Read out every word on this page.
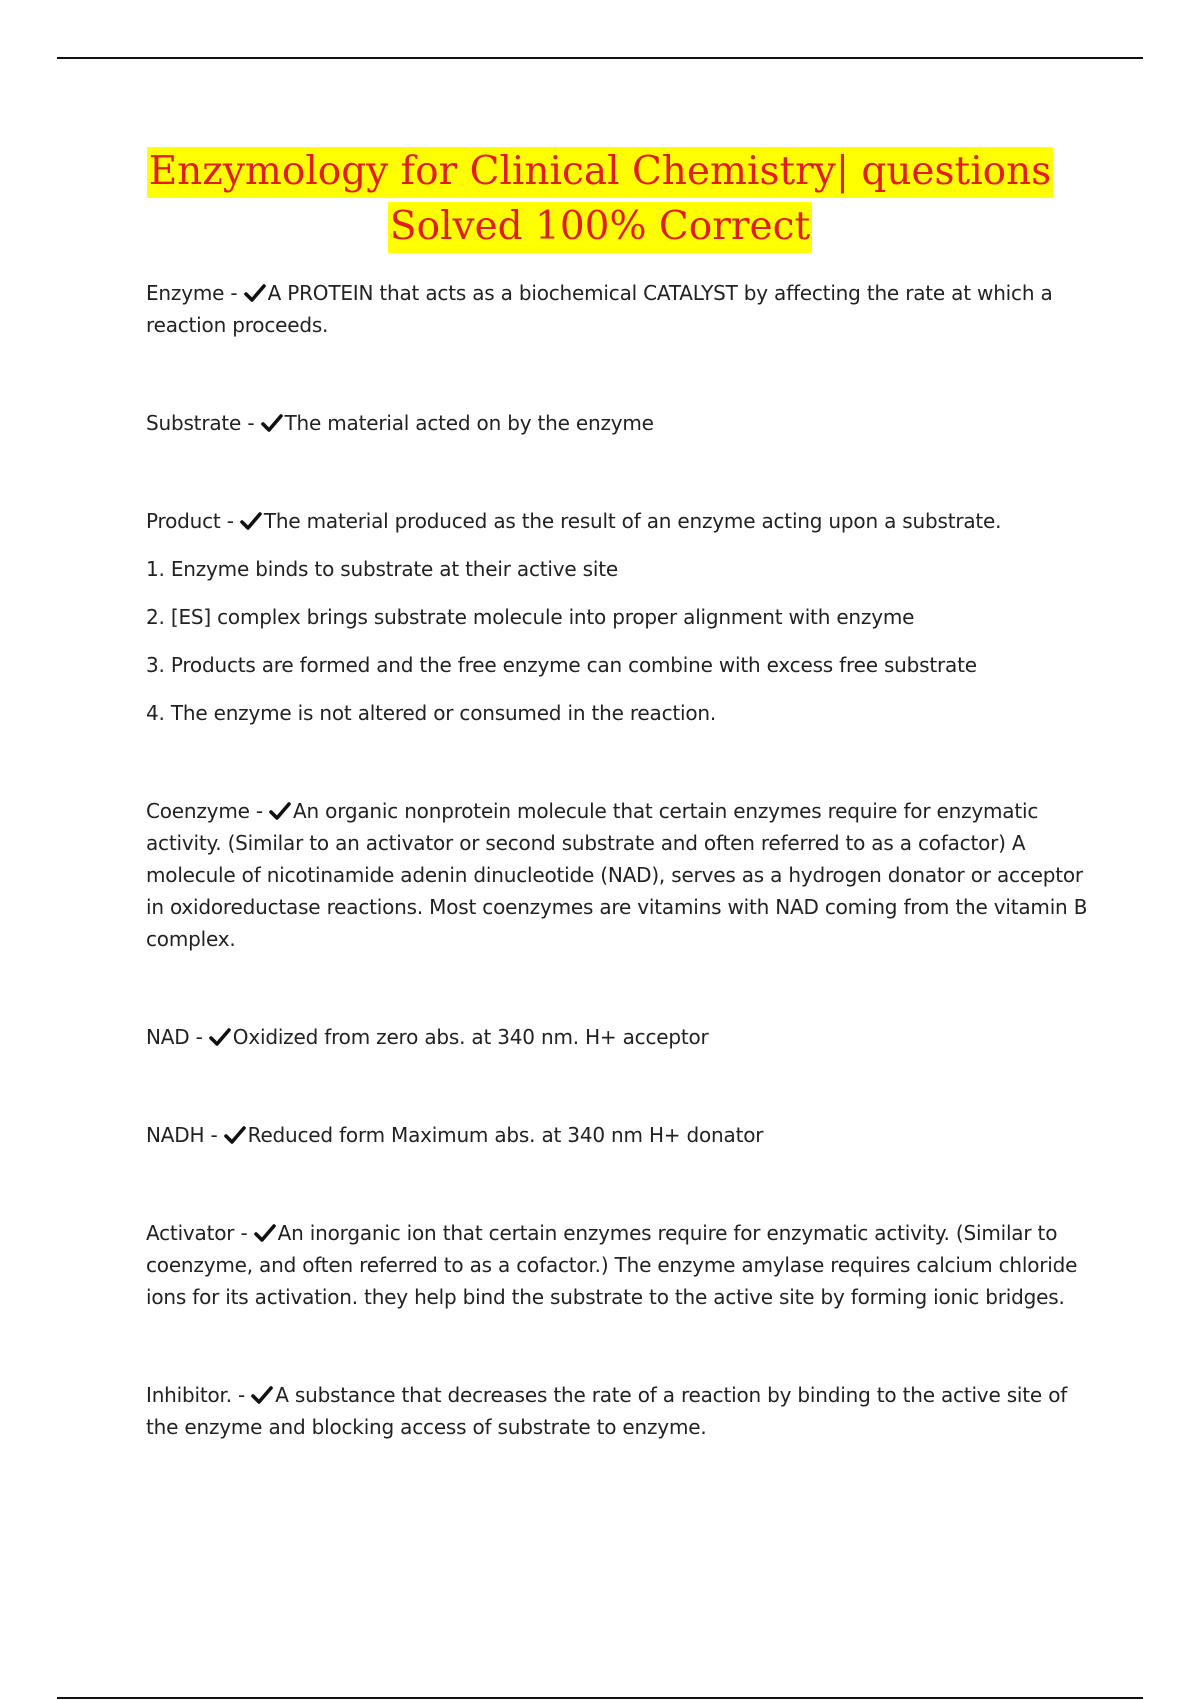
Enzymology for Clinical Chemistry| questions
Solved 100% Correct

Enzyme -
A PROTEIN that acts as a biochemical CATALYST by affecting the rate at which a reaction proceeds.

Substrate -
The material acted on by the enzyme

Product -
The material produced as the result of an enzyme acting upon a substrate.

1. Enzyme binds to substrate at their active site

2. [ES] complex brings substrate molecule into proper alignment with enzyme

3. Products are formed and the free enzyme can combine with excess free substrate

4. The enzyme is not altered or consumed in the reaction.

Coenzyme -
An organic nonprotein molecule that certain enzymes require for enzymatic activity. (Similar to an activator or second substrate and often referred to as a cofactor) A molecule of nicotinamide adenin dinucleotide (NAD), serves as a hydrogen donator or acceptor in oxidoreductase reactions. Most coenzymes are vitamins with NAD coming from the vitamin B complex.

NAD -
Oxidized from zero abs. at 340 nm. H+ acceptor

NADH -
Reduced form Maximum abs. at 340 nm H+ donator

Activator -
An inorganic ion that certain enzymes require for enzymatic activity. (Similar to coenzyme, and often referred to as a cofactor.) The enzyme amylase requires calcium chloride ions for its activation. they help bind the substrate to the active site by forming ionic bridges.

Inhibitor. -
A substance that decreases the rate of a reaction by binding to the active site of the enzyme and blocking access of substrate to enzyme.
